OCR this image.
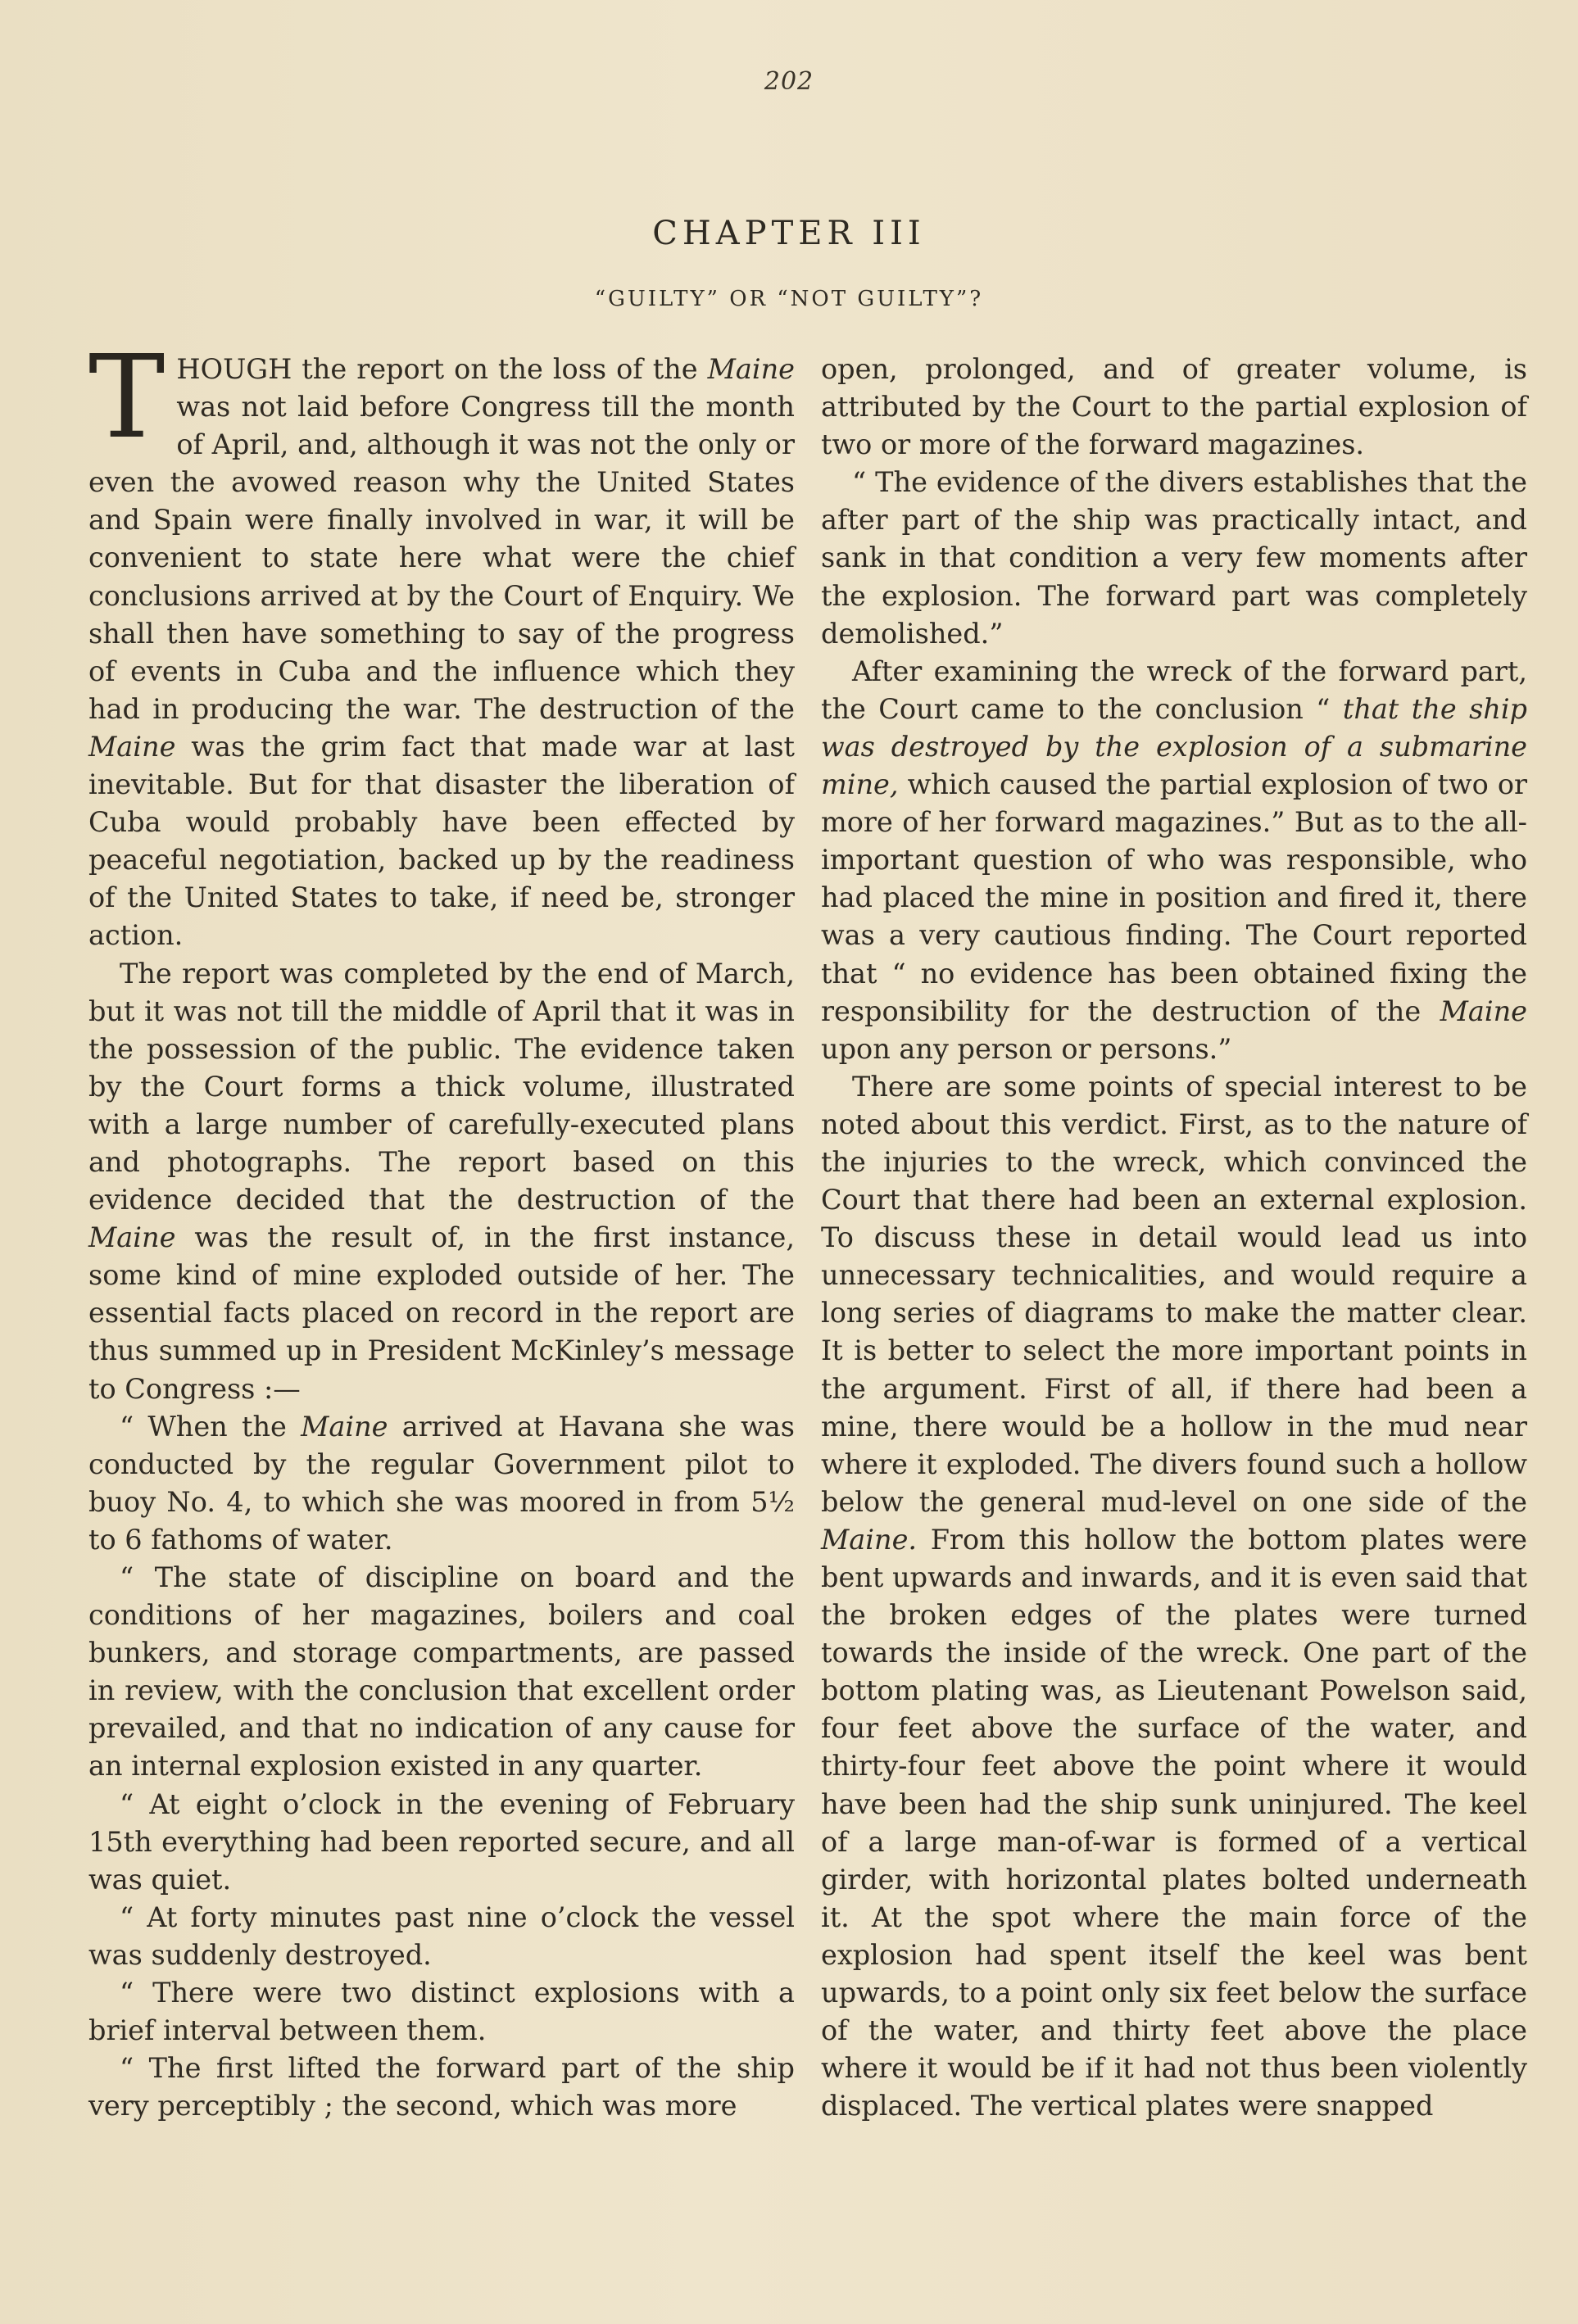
202
CHAPTER III
“GUILTY” OR “NOT GUILTY”?

THOUGH the report on the loss of the Maine was not laid before Congress till the month of April, and, although it was not the only or even the avowed reason why the United States and Spain were finally involved in war, it will be convenient to state here what were the chief conclusions arrived at by the Court of Enquiry. We shall then have something to say of the progress of events in Cuba and the influence which they had in producing the war. The destruction of the Maine was the grim fact that made war at last inevitable. But for that disaster the liberation of Cuba would probably have been effected by peaceful negotiation, backed up by the readiness of the United States to take, if need be, stronger action.

The report was completed by the end of March, but it was not till the middle of April that it was in the possession of the public. The evidence taken by the Court forms a thick volume, illustrated with a large number of carefully-executed plans and photographs. The report based on this evidence decided that the destruction of the Maine was the result of, in the first instance, some kind of mine exploded outside of her. The essential facts placed on record in the report are thus summed up in President McKinley’s message to Congress :—

“ When the Maine arrived at Havana she was conducted by the regular Government pilot to buoy No. 4, to which she was moored in from 5½ to 6 fathoms of water.

“ The state of discipline on board and the conditions of her magazines, boilers and coal bunkers, and storage compartments, are passed in review, with the conclusion that excellent order prevailed, and that no indication of any cause for an internal explosion existed in any quarter.

“ At eight o’clock in the evening of February 15th everything had been reported secure, and all was quiet.

“ At forty minutes past nine o’clock the vessel was suddenly destroyed.

“ There were two distinct explosions with a brief interval between them.

“ The first lifted the forward part of the ship very perceptibly ; the second, which was more

open, prolonged, and of greater volume, is attributed by the Court to the partial explosion of two or more of the forward magazines.

“ The evidence of the divers establishes that the after part of the ship was practically intact, and sank in that condition a very few moments after the explosion. The forward part was completely demolished.”

After examining the wreck of the forward part, the Court came to the conclusion “ that the ship was destroyed by the explosion of a submarine mine, which caused the partial explosion of two or more of her forward magazines.” But as to the all-important question of who was responsible, who had placed the mine in position and fired it, there was a very cautious finding. The Court reported that “ no evidence has been obtained fixing the responsibility for the destruction of the Maine upon any person or persons.”

There are some points of special interest to be noted about this verdict. First, as to the nature of the injuries to the wreck, which convinced the Court that there had been an external explosion. To discuss these in detail would lead us into unnecessary technicalities, and would require a long series of diagrams to make the matter clear. It is better to select the more important points in the argument. First of all, if there had been a mine, there would be a hollow in the mud near where it exploded. The divers found such a hollow below the general mud-level on one side of the Maine. From this hollow the bottom plates were bent upwards and inwards, and it is even said that the broken edges of the plates were turned towards the inside of the wreck. One part of the bottom plating was, as Lieutenant Powelson said, four feet above the surface of the water, and thirty-four feet above the point where it would have been had the ship sunk uninjured. The keel of a large man-of-war is formed of a vertical girder, with horizontal plates bolted underneath it. At the spot where the main force of the explosion had spent itself the keel was bent upwards, to a point only six feet below the surface of the water, and thirty feet above the place where it would be if it had not thus been violently displaced. The vertical plates were snapped
